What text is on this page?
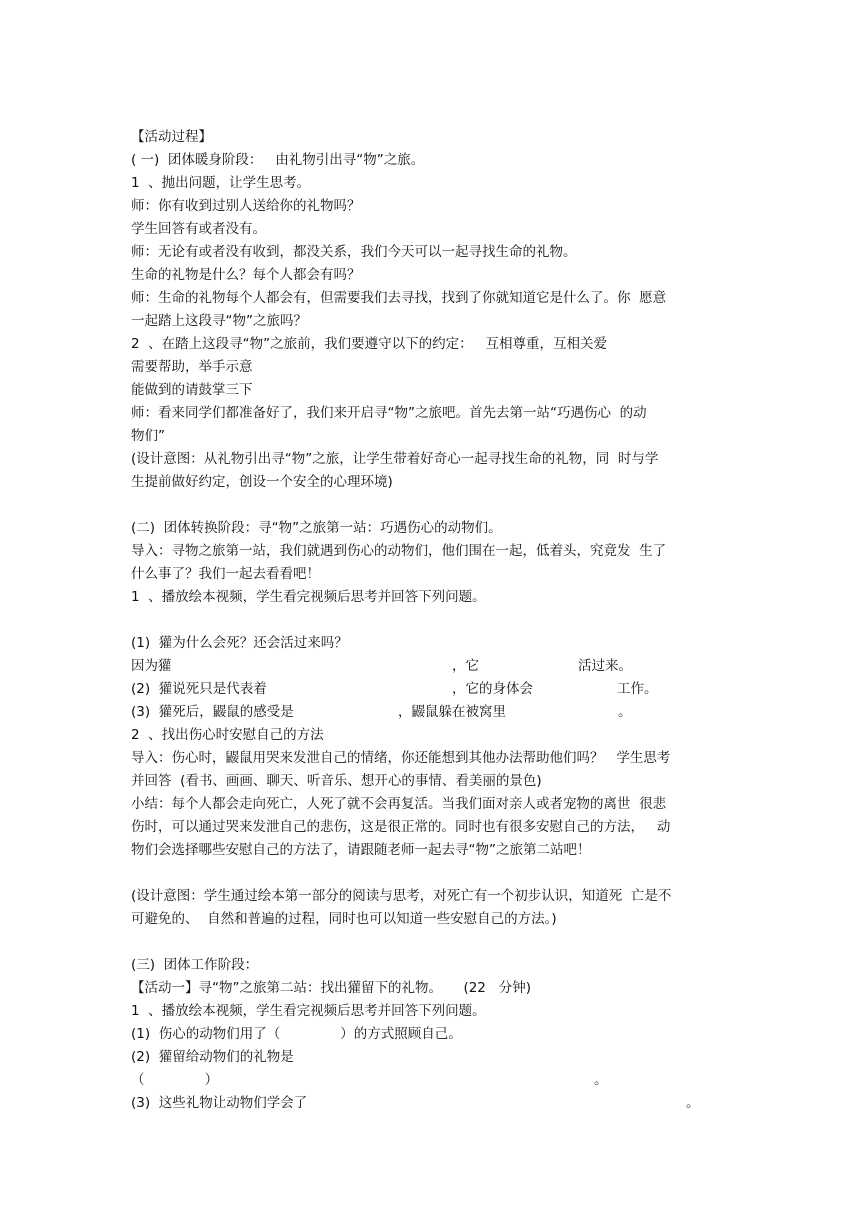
【活动过程】
( 一)  团体暖身阶段：   由礼物引出寻“物”之旅。
1  、抛出问题，让学生思考。
师：你有收到过别人送给你的礼物吗？
学生回答有或者没有。
师：无论有或者没有收到，都没关系，我们今天可以一起寻找生命的礼物。
生命的礼物是什么？每个人都会有吗？
师：生命的礼物每个人都会有，但需要我们去寻找，找到了你就知道它是什么了。你  愿意
一起踏上这段寻“物”之旅吗？
2  、在踏上这段寻“物”之旅前，我们要遵守以下的约定：   互相尊重，互相关爱
需要帮助，举手示意
能做到的请鼓掌三下
师：看来同学们都准备好了，我们来开启寻“物”之旅吧。首先去第一站“巧遇伤心  的动
物们”
(设计意图：从礼物引出寻“物”之旅，让学生带着好奇心一起寻找生命的礼物，同  时与学
生提前做好约定，创设一个安全的心理环境)
(二)  团体转换阶段：寻“物”之旅第一站：巧遇伤心的动物们。
导入：寻物之旅第一站，我们就遇到伤心的动物们，他们围在一起，低着头，究竟发  生了
什么事了？我们一起去看看吧！
1  、播放绘本视频，学生看完视频后思考并回答下列问题。
(1)  獾为什么会死？还会活过来吗？
因为獾	，它	活过来。
(2)  獾说死只是代表着	，它的身体会	工作。
(3)  獾死后，鼹鼠的感受是	，鼹鼠躲在被窝里	。
2  、找出伤心时安慰自己的方法
导入：伤心时，鼹鼠用哭来发泄自己的情绪，你还能想到其他办法帮助他们吗？   学生思考
并回答  (看书、画画、聊天、听音乐、想开心的事情、看美丽的景色)
小结：每个人都会走向死亡，人死了就不会再复活。当我们面对亲人或者宠物的离世  很悲
伤时，可以通过哭来发泄自己的悲伤，这是很正常的。同时也有很多安慰自己的方法，   动
物们会选择哪些安慰自己的方法了，请跟随老师一起去寻“物”之旅第二站吧！
(设计意图：学生通过绘本第一部分的阅读与思考，对死亡有一个初步认识，知道死  亡是不
可避免的、  自然和普遍的过程，同时也可以知道一些安慰自己的方法。)
(三)  团体工作阶段：
【活动一】寻“物”之旅第二站：找出獾留下的礼物。     (22   分钟)
1  、播放绘本视频，学生看完视频后思考并回答下列问题。
(1)  伤心的动物们用了（              ）的方式照顾自己。
(2)  獾留给动物们的礼物是
（              ）	。
(3)  这些礼物让动物们学会了	。
